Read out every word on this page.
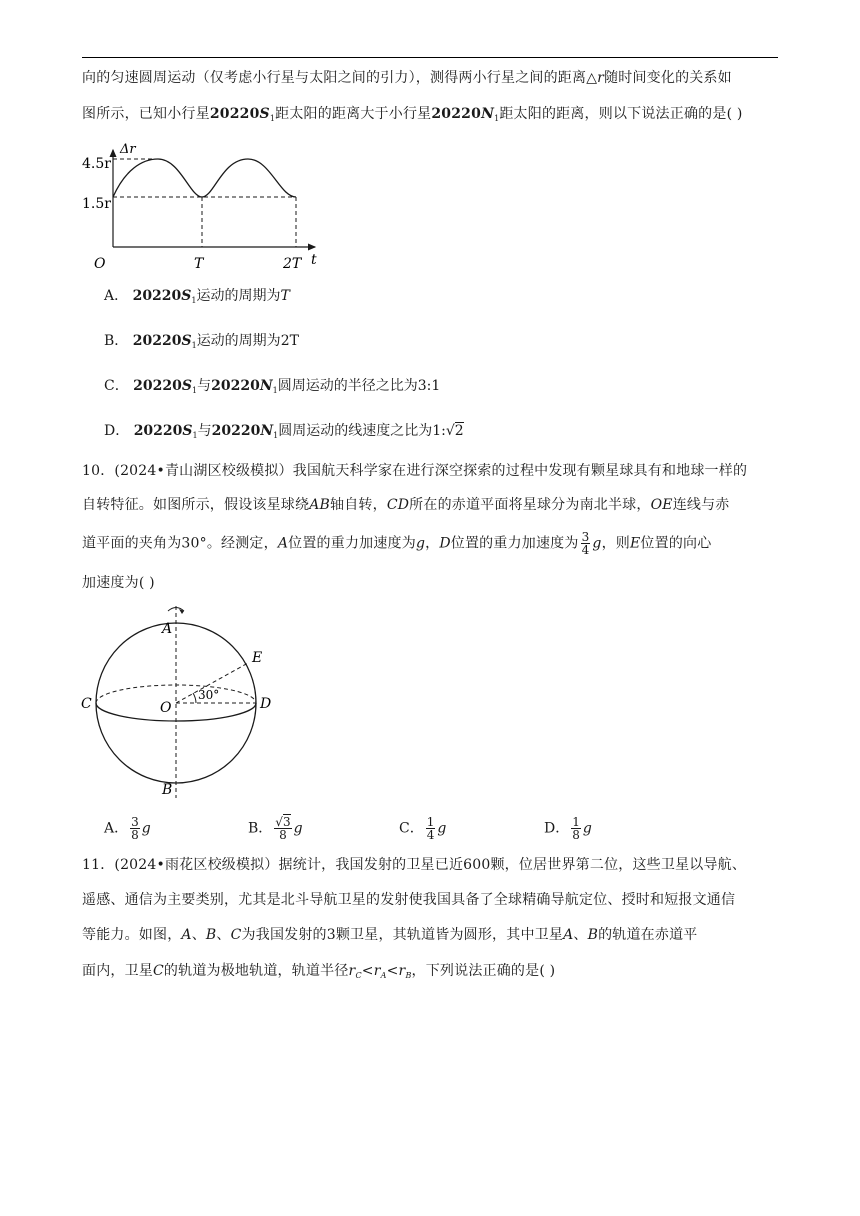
向的匀速圆周运动（仅考虑小行星与太阳之间的引力），测得两小行星之间的距离△r随时间变化的关系如
图所示，已知小行星$20220S_1$距太阳的距离大于小行星$20220N_1$距太阳的距离，则以下说法正确的是( )
Δr
4.5r
1.5r
O	T	2T t
A． $20220S_1$运动的周期为T
B． $20220S_1$运动的周期为2T
C． $20220S_1$与$20220N_1$圆周运动的半径之比为3:1
D． $20220S_1$与$20220N_1$圆周运动的线速度之比为1:√2
10．(2024•青山湖区校级模拟）我国航天科学家在进行深空探索的过程中发现有颗星球具有和地球一样的
自转特征。如图所示，假设该星球绕AB轴自转，CD所在的赤道平面将星球分为南北半球，OE连线与赤
道平面的夹角为30°。经测定，A位置的重力加速度为g，D位置的重力加速度为 $\frac{3}{4}$ g，则E位置的向心
加速度为( )
A
B
C	D
E
O
30°
A． $\frac{3}{8}$ g	B． $\frac{√3}{8}$ g	C． $\frac{1}{4}$ g	D． $\frac{1}{8}$ g
11．(2024•雨花区校级模拟）据统计，我国发射的卫星已近600颗，位居世界第二位，这些卫星以导航、
遥感、通信为主要类别，尤其是北斗导航卫星的发射使我国具备了全球精确导航定位、授时和短报文通信
等能力。如图，A、B、C为我国发射的3颗卫星，其轨道皆为圆形，其中卫星A、B的轨道在赤道平
面内，卫星C的轨道为极地轨道，轨道半径$r_C<r_A<r_B$，下列说法正确的是( )
